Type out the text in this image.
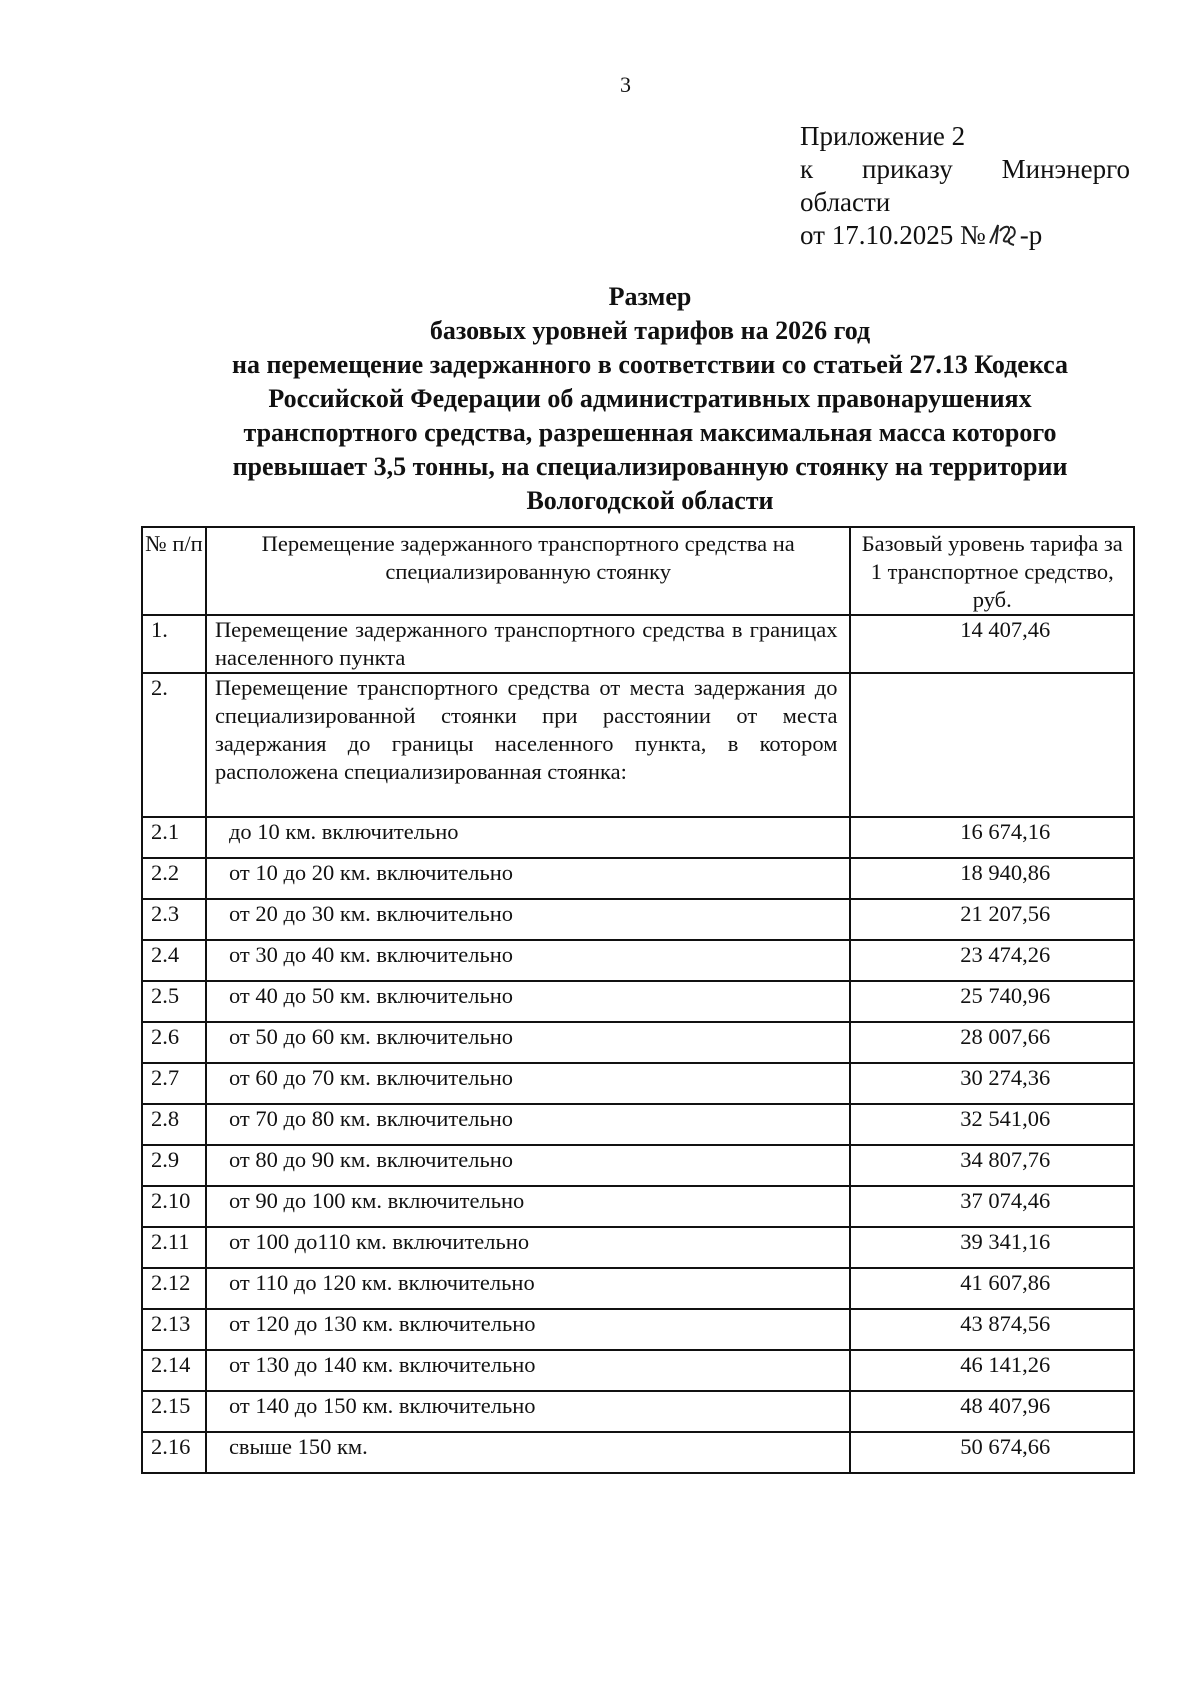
3
Приложение 2
к приказу Минэнерго
области
от 17.10.2025 № -р
Размер
базовых уровней тарифов на 2026 год
на перемещение задержанного в соответствии со статьей 27.13 Кодекса
Российской Федерации об административных правонарушениях
транспортного средства, разрешенная максимальная масса которого
превышает 3,5 тонны, на специализированную стоянку на территории
Вологодской области
№ п/п	Перемещение задержанного транспортного средства на специализированную стоянку	Базовый уровень тарифа за 1 транспортное средство, руб.
1.	Перемещение задержанного транспортного средства в границах населенного пункта	14 407,46
2.	Перемещение транспортного средства от места задержания до специализированной стоянки при расстоянии от места задержания до границы населенного пункта, в котором расположена специализированная стоянка:	
2.1	до 10 км. включительно	16 674,16
2.2	от 10 до 20 км. включительно	18 940,86
2.3	от 20 до 30 км. включительно	21 207,56
2.4	от 30 до 40 км. включительно	23 474,26
2.5	от 40 до 50 км. включительно	25 740,96
2.6	от 50 до 60 км. включительно	28 007,66
2.7	от 60 до 70 км. включительно	30 274,36
2.8	от 70 до 80 км. включительно	32 541,06
2.9	от 80 до 90 км. включительно	34 807,76
2.10	от 90 до 100 км. включительно	37 074,46
2.11	от 100 до110 км. включительно	39 341,16
2.12	от 110 до 120 км. включительно	41 607,86
2.13	от 120 до 130 км. включительно	43 874,56
2.14	от 130 до 140 км. включительно	46 141,26
2.15	от 140 до 150 км. включительно	48 407,96
2.16	свыше 150 км.	50 674,66
